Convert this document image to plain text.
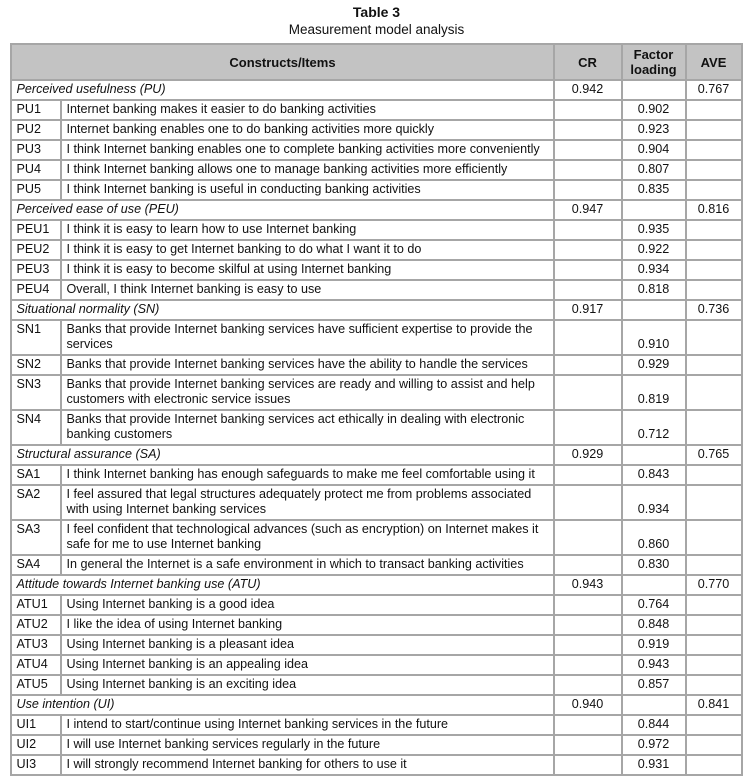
Table 3
Measurement model analysis
Constructs/Items		CR	Factor loading	AVE
Perceived usefulness (PU)		0.942		0.767
PU1	Internet banking makes it easier to do banking activities		0.902	
PU2	Internet banking enables one to do banking activities more quickly		0.923	
PU3	I think Internet banking enables one to complete banking activities more conveniently		0.904	
PU4	I think Internet banking allows one to manage banking activities more efficiently		0.807	
PU5	I think Internet banking is useful in conducting banking activities		0.835	
Perceived ease of use (PEU)		0.947		0.816
PEU1	I think it is easy to learn how to use Internet banking		0.935	
PEU2	I think it is easy to get Internet banking to do what I want it to do		0.922	
PEU3	I think it is easy to become skilful at using Internet banking		0.934	
PEU4	Overall, I think Internet banking is easy to use		0.818	
Situational normality (SN)		0.917		0.736
SN1	Banks that provide Internet banking services have sufficient expertise to provide the services		0.910	
SN2	Banks that provide Internet banking services have the ability to handle the services		0.929	
SN3	Banks that provide Internet banking services are ready and willing to assist and help customers with electronic service issues		0.819	
SN4	Banks that provide Internet banking services act ethically in dealing with electronic banking customers		0.712	
Structural assurance (SA)		0.929		0.765
SA1	I think Internet banking has enough safeguards to make me feel comfortable using it		0.843	
SA2	I feel assured that legal structures adequately protect me from problems associated with using Internet banking services		0.934	
SA3	I feel confident that technological advances (such as encryption) on Internet makes it safe for me to use Internet banking		0.860	
SA4	In general the Internet is a safe environment in which to transact banking activities		0.830	
Attitude towards Internet banking use (ATU)		0.943		0.770
ATU1	Using Internet banking is a good idea		0.764	
ATU2	I like the idea of using Internet banking		0.848	
ATU3	Using Internet banking is a pleasant idea		0.919	
ATU4	Using Internet banking is an appealing idea		0.943	
ATU5	Using Internet banking is an exciting idea		0.857	
Use intention (UI)		0.940		0.841
UI1	I intend to start/continue using Internet banking services in the future		0.844	
UI2	I will use Internet banking services regularly in the future		0.972	
UI3	I will strongly recommend Internet banking for others to use it		0.931	
